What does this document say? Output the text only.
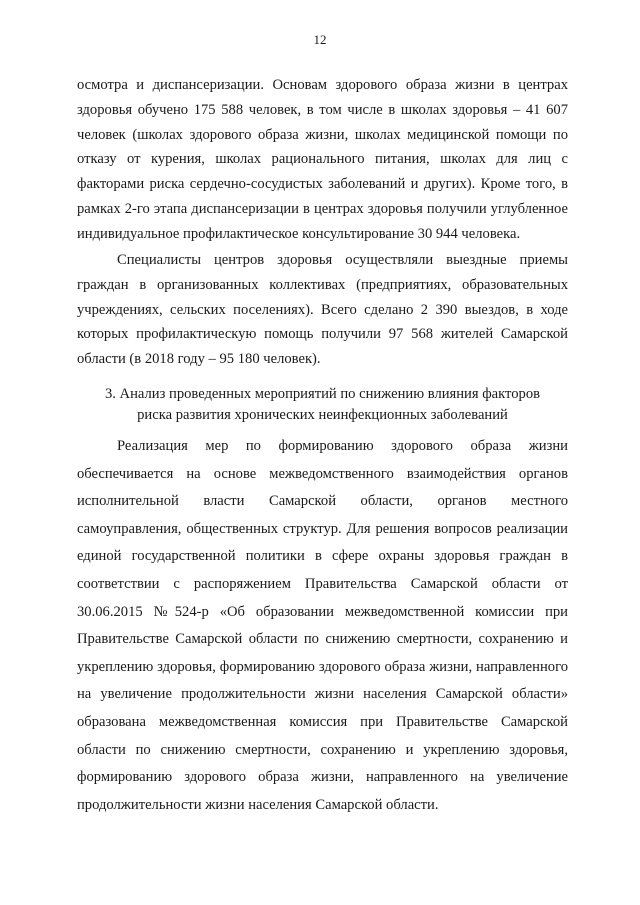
12

осмотра и диспансеризации. Основам здорового образа жизни в центрах здоровья обучено 175 588 человек, в том числе в школах здоровья – 41 607 человек (школах здорового образа жизни, школах медицинской помощи по отказу от курения, школах рационального питания, школах для лиц с факторами риска сердечно-сосудистых заболеваний и других). Кроме того, в рамках 2-го этапа диспансеризации в центрах здоровья получили углубленное индивидуальное профилактическое консультирование 30 944 человека.

Специалисты центров здоровья осуществляли выездные приемы граждан в организованных коллективах (предприятиях, образовательных учреждениях, сельских поселениях). Всего сделано 2 390 выездов, в ходе которых профилактическую помощь получили 97 568 жителей Самарской области (в 2018 году – 95 180 человек).

3. Анализ проведенных мероприятий по снижению влияния факторов
риска развития хронических неинфекционных заболеваний

Реализация мер по формированию здорового образа жизни обеспечивается на основе межведомственного взаимодействия органов исполнительной власти Самарской области, органов местного самоуправления, общественных структур. Для решения вопросов реализации единой государственной политики в сфере охраны здоровья граждан в соответствии с распоряжением Правительства Самарской области от 30.06.2015 №524-р «Об образовании межведомственной комиссии при Правительстве Самарской области по снижению смертности, сохранению и укреплению здоровья, формированию здорового образа жизни, направленного на увеличение продолжительности жизни населения Самарской области» образована межведомственная комиссия при Правительстве Самарской области по снижению смертности, сохранению и укреплению здоровья, формированию здорового образа жизни, направленного на увеличение продолжительности жизни населения Самарской области.
